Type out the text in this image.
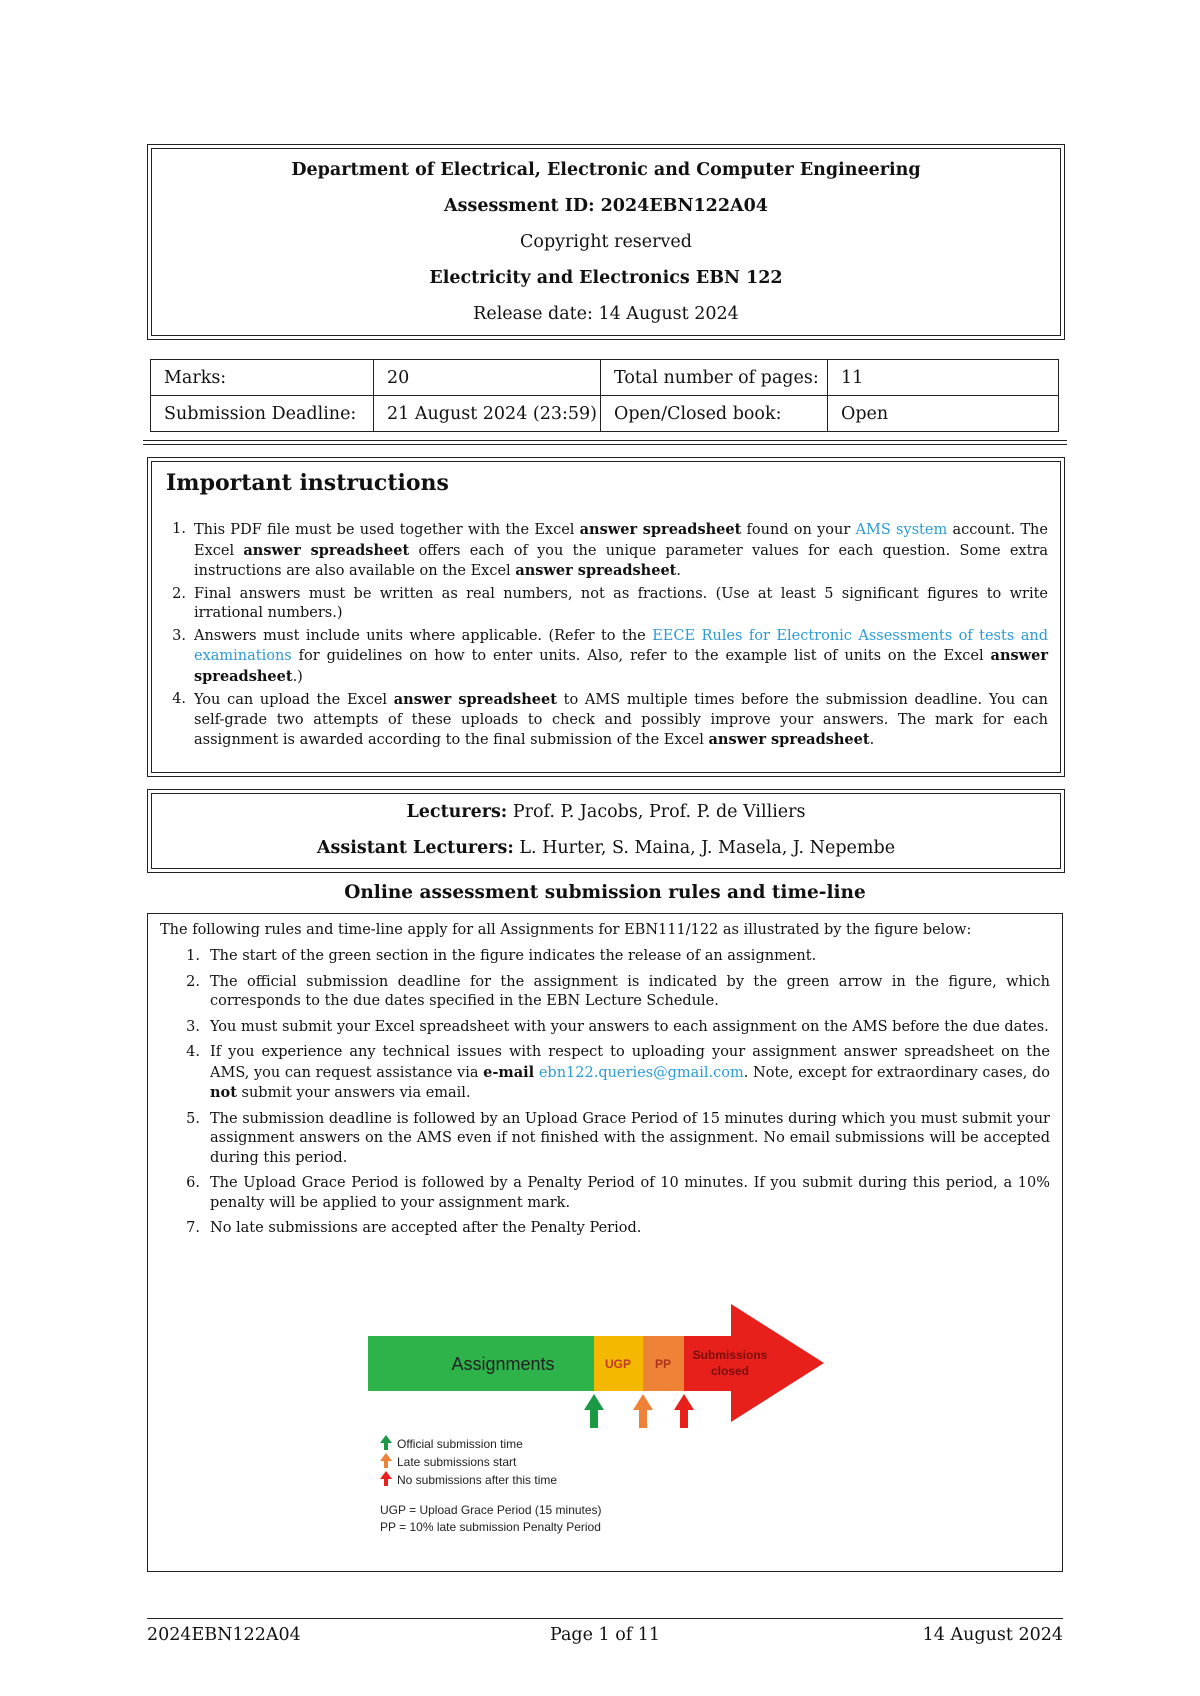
Department of Electrical, Electronic and Computer Engineering
Assessment ID: 2024EBN122A04
Copyright reserved
Electricity and Electronics EBN 122
Release date: 14 August 2024
Marks:	20	Total number of pages:	11
Submission Deadline:	21 August 2024 (23:59)	Open/Closed book:	Open
Important instructions
1. This PDF file must be used together with the Excel answer spreadsheet found on your AMS system account. The Excel answer spreadsheet offers each of you the unique parameter values for each question. Some extra instructions are also available on the Excel answer spreadsheet.
2. Final answers must be written as real numbers, not as fractions. (Use at least 5 significant figures to write irrational numbers.)
3. Answers must include units where applicable. (Refer to the EECE Rules for Electronic Assessments of tests and examinations for guidelines on how to enter units. Also, refer to the example list of units on the Excel answer spreadsheet.)
4. You can upload the Excel answer spreadsheet to AMS multiple times before the submission deadline. You can self-grade two attempts of these uploads to check and possibly improve your answers. The mark for each assignment is awarded according to the final submission of the Excel answer spreadsheet.
Lecturers: Prof. P. Jacobs, Prof. P. de Villiers
Assistant Lecturers: L. Hurter, S. Maina, J. Masela, J. Nepembe
Online assessment submission rules and time-line
The following rules and time-line apply for all Assignments for EBN111/122 as illustrated by the figure below:
1. The start of the green section in the figure indicates the release of an assignment.
2. The official submission deadline for the assignment is indicated by the green arrow in the figure, which corresponds to the due dates specified in the EBN Lecture Schedule.
3. You must submit your Excel spreadsheet with your answers to each assignment on the AMS before the due dates.
4. If you experience any technical issues with respect to uploading your assignment answer spreadsheet on the AMS, you can request assistance via e-mail ebn122.queries@gmail.com. Note, except for extraordinary cases, do not submit your answers via email.
5. The submission deadline is followed by an Upload Grace Period of 15 minutes during which you must submit your assignment answers on the AMS even if not finished with the assignment. No email submissions will be accepted during this period.
6. The Upload Grace Period is followed by a Penalty Period of 10 minutes. If you submit during this period, a 10% penalty will be applied to your assignment mark.
7. No late submissions are accepted after the Penalty Period.
Assignments	UGP PP
Submissions
closed
Official submission time
Late submissions start
No submissions after this time
UGP = Upload Grace Period (15 minutes)
PP = 10% late submission Penalty Period
2024EBN122A04	Page 1 of 11	14 August 2024
